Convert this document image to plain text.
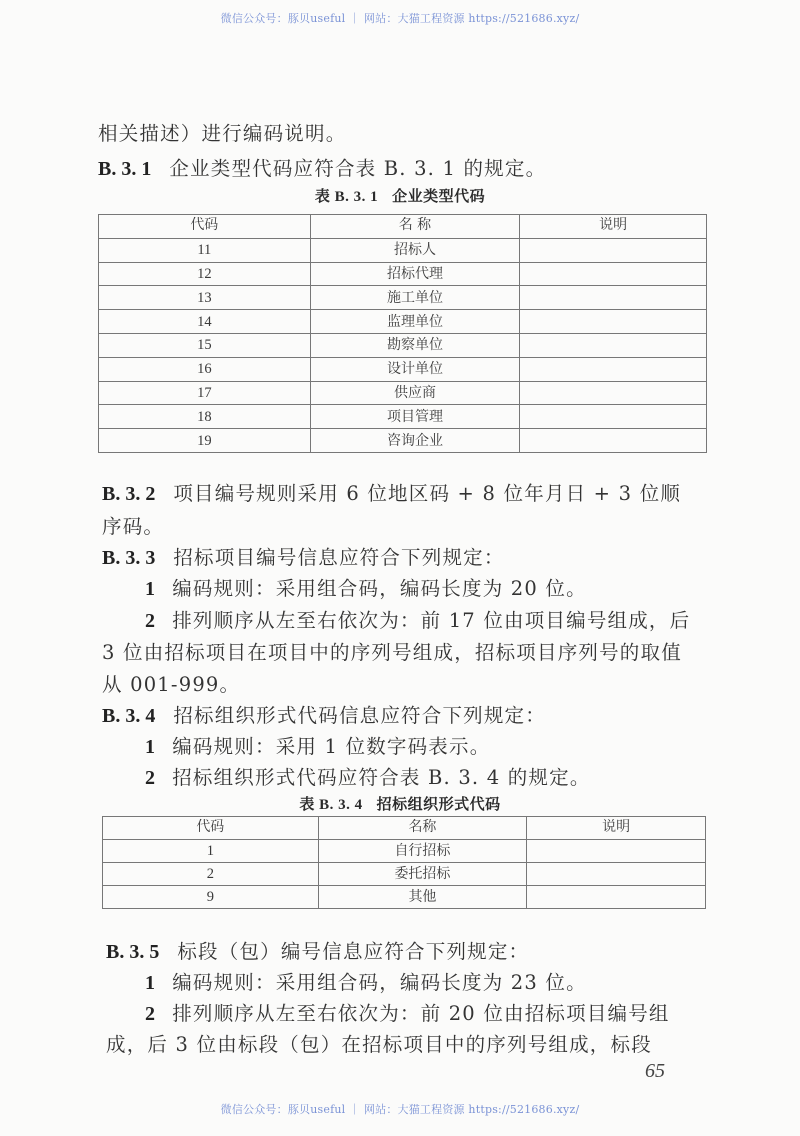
微信公众号：豚贝useful ｜ 网站：大猫工程资源 https://521686.xyz/
相关描述）进行编码说明。
B. 3. 1 企业类型代码应符合表 B. 3. 1 的规定。
表 B. 3. 1 企业类型代码
代码	名 称	说明
11	招标人	
12	招标代理	
13	施工单位	
14	监理单位	
15	勘察单位	
16	设计单位	
17	供应商	
18	项目管理	
19	咨询企业	
B. 3. 2 项目编号规则采用 6 位地区码 + 8 位年月日 + 3 位顺
序码。
B. 3. 3 招标项目编号信息应符合下列规定：
1 编码规则：采用组合码，编码长度为 20 位。
2 排列顺序从左至右依次为：前 17 位由项目编号组成，后
3 位由招标项目在项目中的序列号组成，招标项目序列号的取值
从 001-999。
B. 3. 4 招标组织形式代码信息应符合下列规定：
1 编码规则：采用 1 位数字码表示。
2 招标组织形式代码应符合表 B. 3. 4 的规定。
表 B. 3. 4 招标组织形式代码
代码	名称	说明
1	自行招标	
2	委托招标	
9	其他	
B. 3. 5 标段（包）编号信息应符合下列规定：
1 编码规则：采用组合码，编码长度为 23 位。
2 排列顺序从左至右依次为：前 20 位由招标项目编号组
成，后 3 位由标段（包）在招标项目中的序列号组成，标段
65
微信公众号：豚贝useful ｜ 网站：大猫工程资源 https://521686.xyz/
